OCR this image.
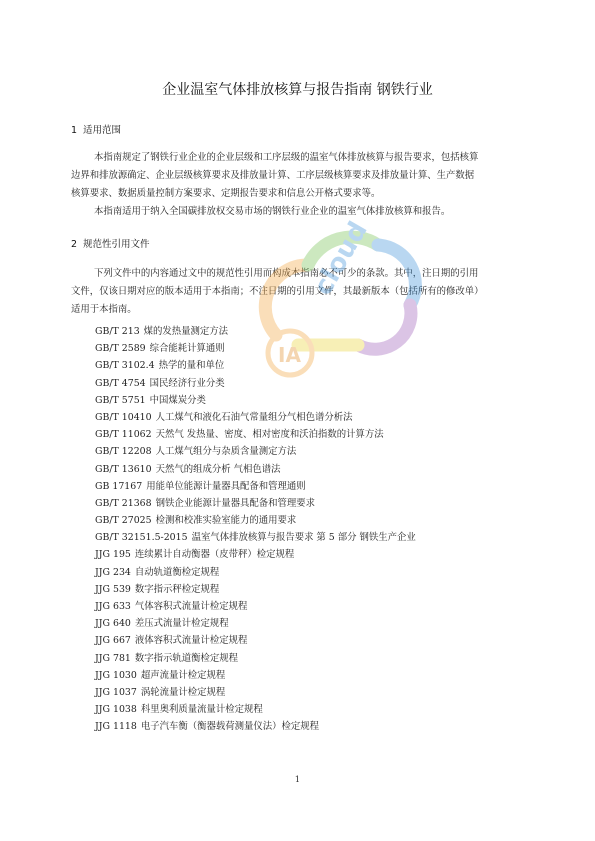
企业温室气体排放核算与报告指南 钢铁行业
1 适用范围
本指南规定了钢铁行业企业的企业层级和工序层级的温室气体排放核算与报告要求，包括核算
边界和排放源确定、企业层级核算要求及排放量计算、工序层级核算要求及排放量计算、生产数据
核算要求、数据质量控制方案要求、定期报告要求和信息公开格式要求等。
本指南适用于纳入全国碳排放权交易市场的钢铁行业企业的温室气体排放核算和报告。
2 规范性引用文件
下列文件中的内容通过文中的规范性引用而构成本指南必不可少的条款。其中，注日期的引用
文件，仅该日期对应的版本适用于本指南；不注日期的引用文件，其最新版本（包括所有的修改单）
适用于本指南。
GB/T 213 煤的发热量测定方法
GB/T 2589 综合能耗计算通则
GB/T 3102.4 热学的量和单位
GB/T 4754 国民经济行业分类
GB/T 5751 中国煤炭分类
GB/T 10410 人工煤气和液化石油气常量组分气相色谱分析法
GB/T 11062 天然气 发热量、密度、相对密度和沃泊指数的计算方法
GB/T 12208 人工煤气组分与杂质含量测定方法
GB/T 13610 天然气的组成分析 气相色谱法
GB 17167 用能单位能源计量器具配备和管理通则
GB/T 21368 钢铁企业能源计量器具配备和管理要求
GB/T 27025 检测和校准实验室能力的通用要求
GB/T 32151.5-2015 温室气体排放核算与报告要求 第 5 部分 钢铁生产企业
JJG 195 连续累计自动衡器（皮带秤）检定规程
JJG 234 自动轨道衡检定规程
JJG 539 数字指示秤检定规程
JJG 633 气体容积式流量计检定规程
JJG 640 差压式流量计检定规程
JJG 667 液体容积式流量计检定规程
JJG 781 数字指示轨道衡检定规程
JJG 1030 超声流量计检定规程
JJG 1037 涡轮流量计检定规程
JJG 1038 科里奥利质量流量计检定规程
JJG 1118 电子汽车衡（衡器载荷测量仪法）检定规程
cloud
IA
1
